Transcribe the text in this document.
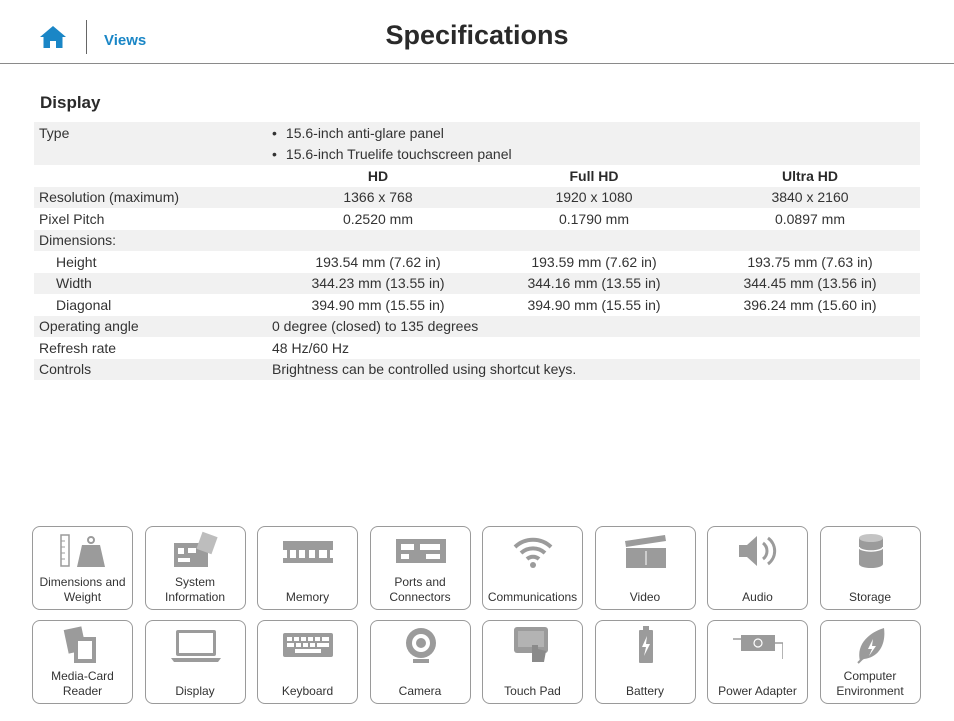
Views	Specifications
Display
Type
•	15.6-inch anti-glare panel
• 15.6-inch Truelife touchscreen panel
HD	Full HD	Ultra HD
Resolution (maximum)	1366 x 768	1920 x 1080	3840 x 2160
Pixel Pitch	0.2520 mm	0.1790 mm	0.0897 mm
Dimensions:
Height	193.54 mm (7.62 in)	193.59 mm (7.62 in)	193.75 mm (7.63 in)
Width	344.23 mm (13.55 in)	344.16 mm (13.55 in)	344.45 mm (13.56 in)
Diagonal	394.90 mm (15.55 in)	394.90 mm (15.55 in)	396.24 mm (15.60 in)
Operating angle	0 degree (closed) to 135 degrees
Refresh rate	48 Hz/60 Hz
Controls	Brightness can be controlled using shortcut keys.
Dimensions and Weight
System Information	Memory
Ports and Connectors	Communications	Video	Audio	Storage
Media-Card Reader	Display	Keyboard	Camera	Touch Pad	Battery	Power Adapter
Computer Environment
